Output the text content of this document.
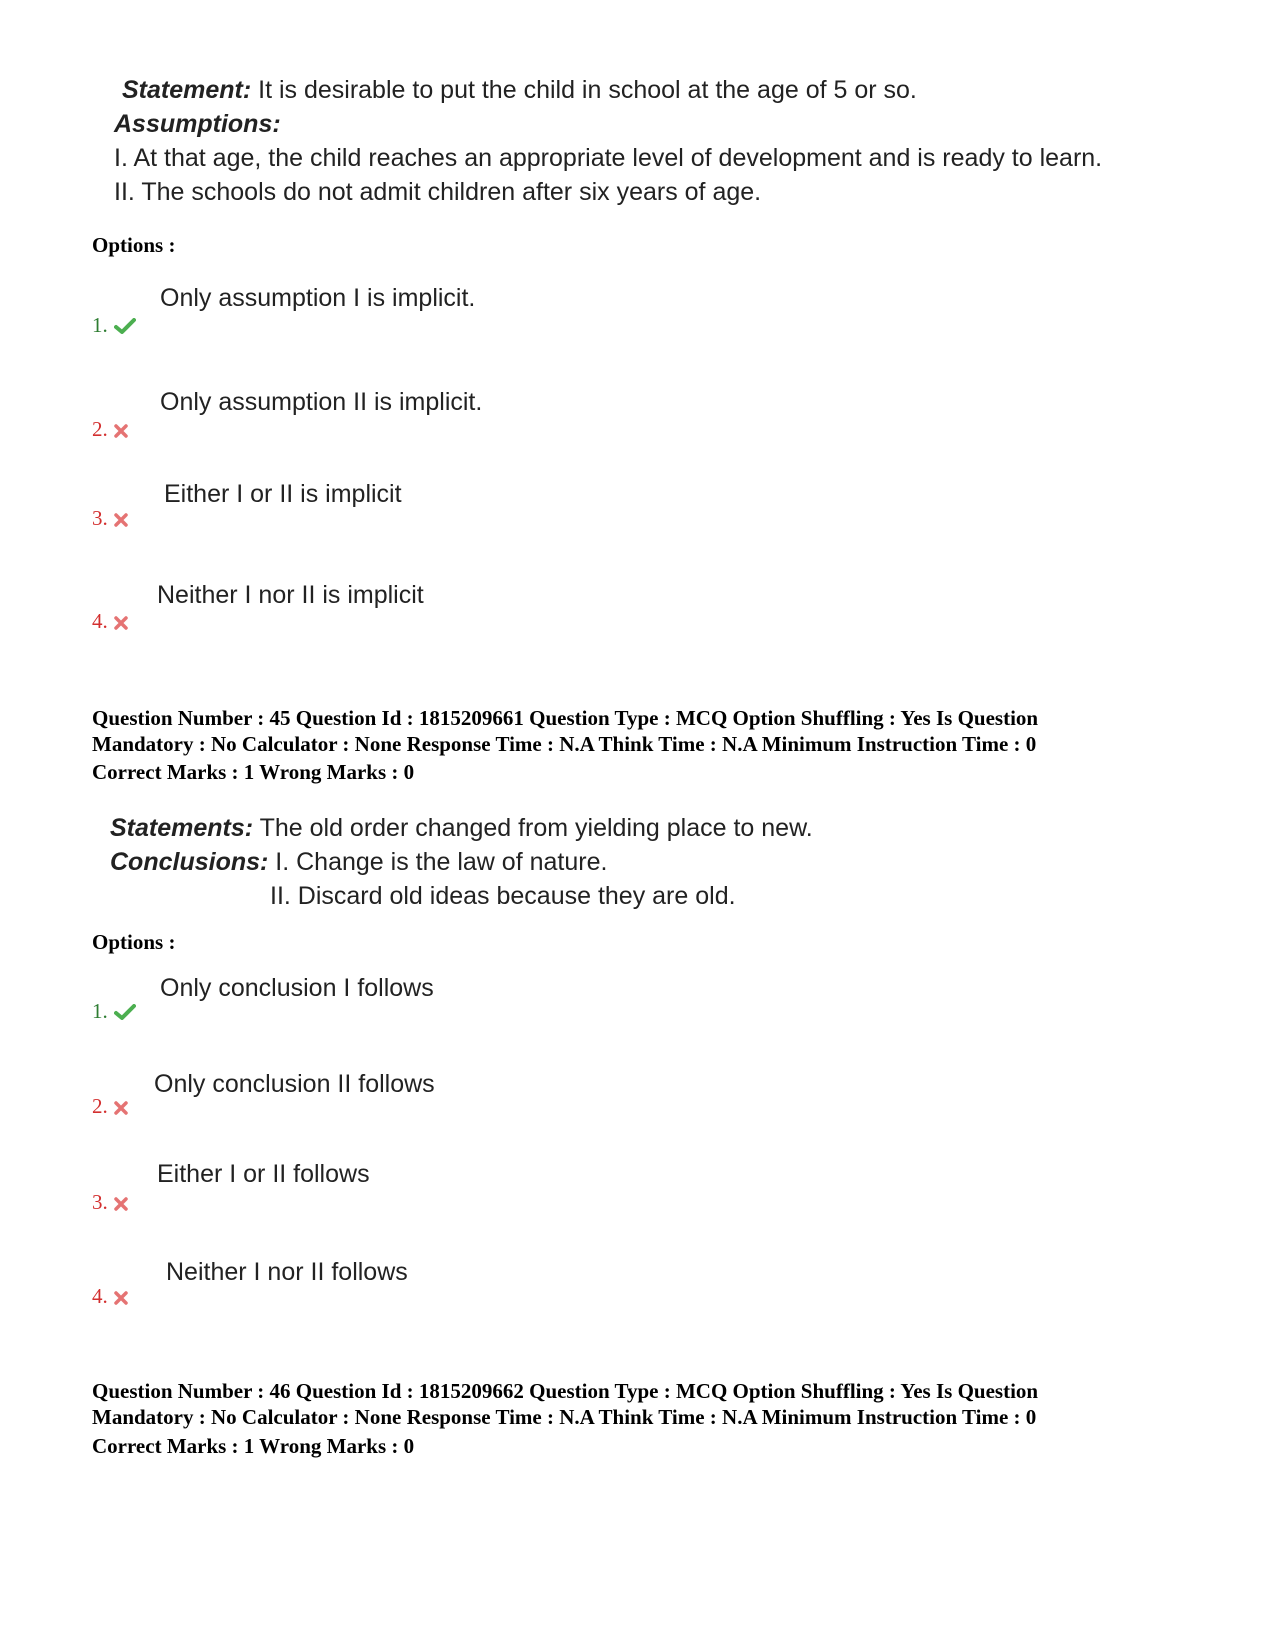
Statement: It is desirable to put the child in school at the age of 5 or so.
Assumptions:
I. At that age, the child reaches an appropriate level of development and is ready to learn.
II. The schools do not admit children after six years of age.
Options :
Only assumption I is implicit.
1.
Only assumption II is implicit.
2.
Either I or II is implicit
3.
Neither I nor II is implicit
4.
Question Number : 45 Question Id : 1815209661 Question Type : MCQ Option Shuffling : Yes Is Question
Mandatory : No Calculator : None Response Time : N.A Think Time : N.A Minimum Instruction Time : 0
Correct Marks : 1 Wrong Marks : 0
Statements: The old order changed from yielding place to new.
Conclusions: I. Change is the law of nature.
II. Discard old ideas because they are old.
Options :
Only conclusion I follows
1.
Only conclusion II follows
2.
Either I or II follows
3.
Neither I nor II follows
4.
Question Number : 46 Question Id : 1815209662 Question Type : MCQ Option Shuffling : Yes Is Question
Mandatory : No Calculator : None Response Time : N.A Think Time : N.A Minimum Instruction Time : 0
Correct Marks : 1 Wrong Marks : 0
